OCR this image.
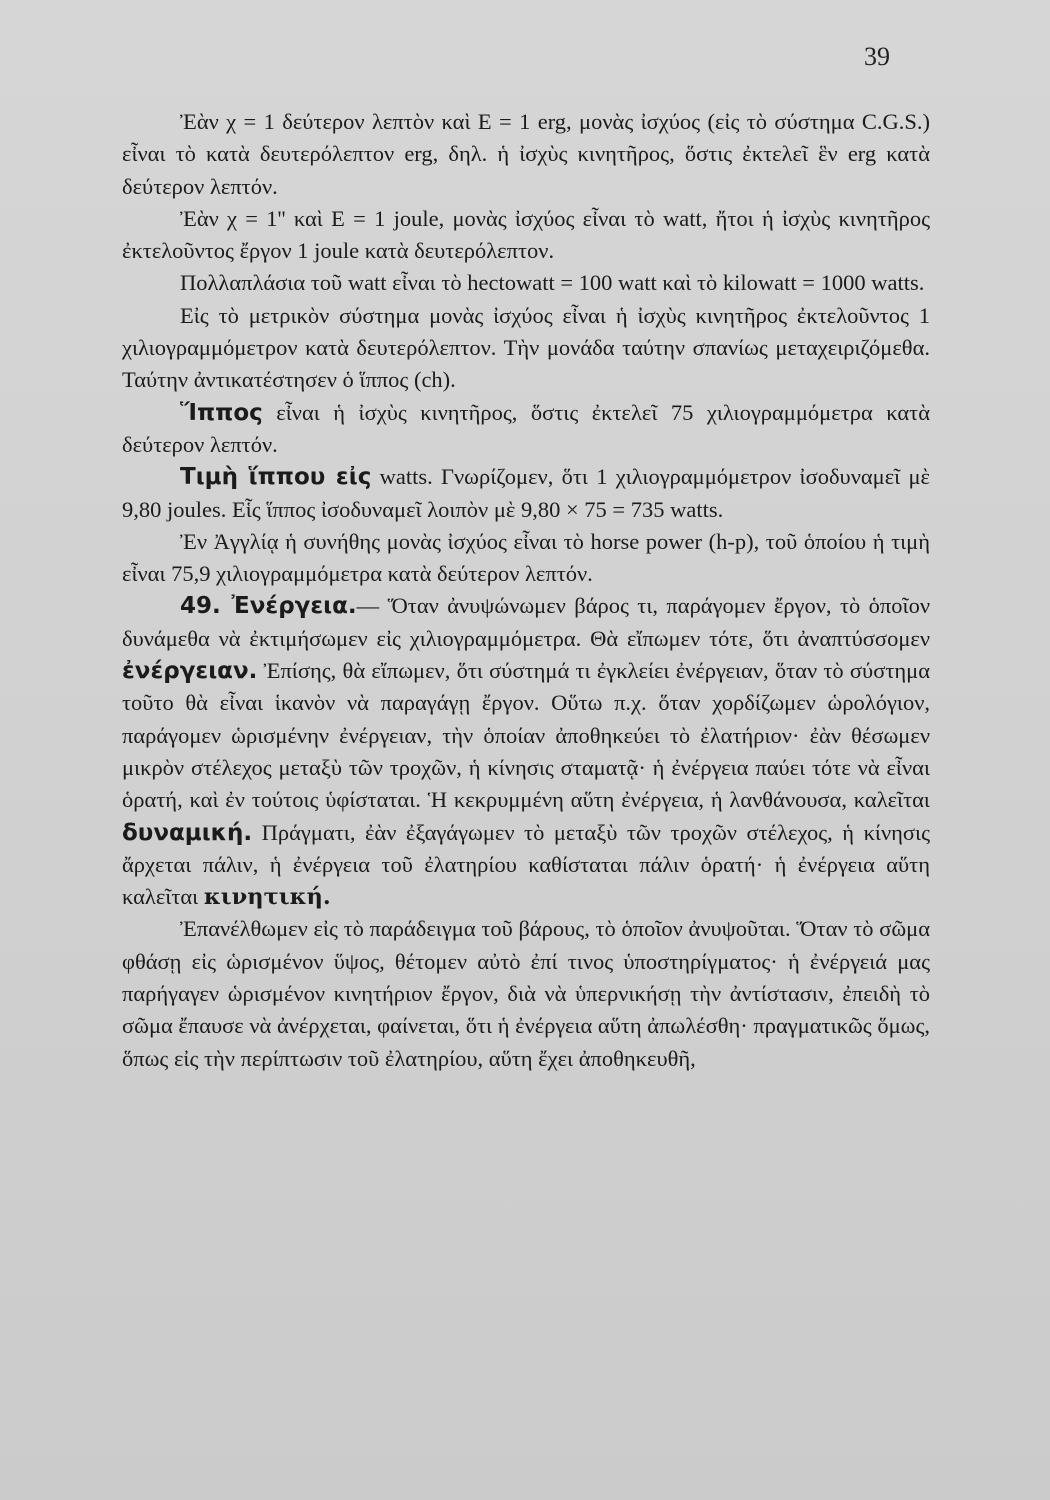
39

Ἐὰν χ = 1 δεύτερον λεπτὸν καὶ E = 1 erg, μονὰς ἰσχύος (εἰς τὸ σύστημα C.G.S.) εἶναι τὸ κατὰ δευτερόλεπτον erg, δηλ. ἡ ἰσχὺς κινητῆρος, ὅστις ἐκτελεῖ ἓν erg κατὰ δεύτερον λεπτόν.

Ἐὰν χ = 1'' καὶ E = 1 joule, μονὰς ἰσχύος εἶναι τὸ watt, ἤτοι ἡ ἰσχὺς κινητῆρος ἐκτελοῦντος ἔργον 1 joule κατὰ δευτερόλεπτον.

Πολλαπλάσια τοῦ watt εἶναι τὸ hectowatt = 100 watt καὶ τὸ kilowatt = 1000 watts.

Εἰς τὸ μετρικὸν σύστημα μονὰς ἰσχύος εἶναι ἡ ἰσχὺς κινητῆρος ἐκτελοῦντος 1 χιλιογραμμόμετρον κατὰ δευτερόλεπτον. Τὴν μονάδα ταύτην σπανίως μεταχειριζόμεθα. Ταύτην ἀντικατέστησεν ὁ ἵππος (ch).

Ἵππος εἶναι ἡ ἰσχὺς κινητῆρος, ὅστις ἐκτελεῖ 75 χιλιογραμμόμετρα κατὰ δεύτερον λεπτόν.

Τιμὴ ἵππου εἰς watts. Γνωρίζομεν, ὅτι 1 χιλιογραμμόμετρον ἰσοδυναμεῖ μὲ 9,80 joules. Εἷς ἵππος ἰσοδυναμεῖ λοιπὸν μὲ 9,80 × 75 = 735 watts.

Ἐν Ἀγγλίᾳ ἡ συνήθης μονὰς ἰσχύος εἶναι τὸ horse power (h-p), τοῦ ὁποίου ἡ τιμὴ εἶναι 75,9 χιλιογραμμόμετρα κατὰ δεύτερον λεπτόν.

49. Ἐνέργεια.— Ὅταν ἀνυψώνωμεν βάρος τι, παράγομεν ἔργον, τὸ ὁποῖον δυνάμεθα νὰ ἐκτιμήσωμεν εἰς χιλιογραμμόμετρα. Θὰ εἴπωμεν τότε, ὅτι ἀναπτύσσομεν ἐνέργειαν. Ἐπίσης, θὰ εἴπωμεν, ὅτι σύστημά τι ἐγκλείει ἐνέργειαν, ὅταν τὸ σύστημα τοῦτο θὰ εἶναι ἱκανὸν νὰ παραγάγῃ ἔργον. Οὕτω π.χ. ὅταν χορδίζωμεν ὡρολόγιον, παράγομεν ὡρισμένην ἐνέργειαν, τὴν ὁποίαν ἀποθηκεύει τὸ ἐλατήριον· ἐὰν θέσωμεν μικρὸν στέλεχος μεταξὺ τῶν τροχῶν, ἡ κίνησις σταματᾷ· ἡ ἐνέργεια παύει τότε νὰ εἶναι ὁρατή, καὶ ἐν τούτοις ὑφίσταται. Ἡ κεκρυμμένη αὕτη ἐνέργεια, ἡ λανθάνουσα, καλεῖται δυναμική. Πράγματι, ἐὰν ἐξαγάγωμεν τὸ μεταξὺ τῶν τροχῶν στέλεχος, ἡ κίνησις ἄρχεται πάλιν, ἡ ἐνέργεια τοῦ ἐλατηρίου καθίσταται πάλιν ὁρατή· ἡ ἐνέργεια αὕτη καλεῖται κινητική.

Ἐπανέλθωμεν εἰς τὸ παράδειγμα τοῦ βάρους, τὸ ὁποῖον ἀνυψοῦται. Ὅταν τὸ σῶμα φθάσῃ εἰς ὡρισμένον ὕψος, θέτομεν αὐτὸ ἐπί τινος ὑποστηρίγματος· ἡ ἐνέργειά μας παρήγαγεν ὡρισμένον κινητήριον ἔργον, διὰ νὰ ὑπερνικήσῃ τὴν ἀντίστασιν, ἐπειδὴ τὸ σῶμα ἔπαυσε νὰ ἀνέρχεται, φαίνεται, ὅτι ἡ ἐνέργεια αὕτη ἀπωλέσθη· πραγματικῶς ὅμως, ὅπως εἰς τὴν περίπτωσιν τοῦ ἐλατηρίου, αὕτη ἔχει ἀποθηκευθῆ,
